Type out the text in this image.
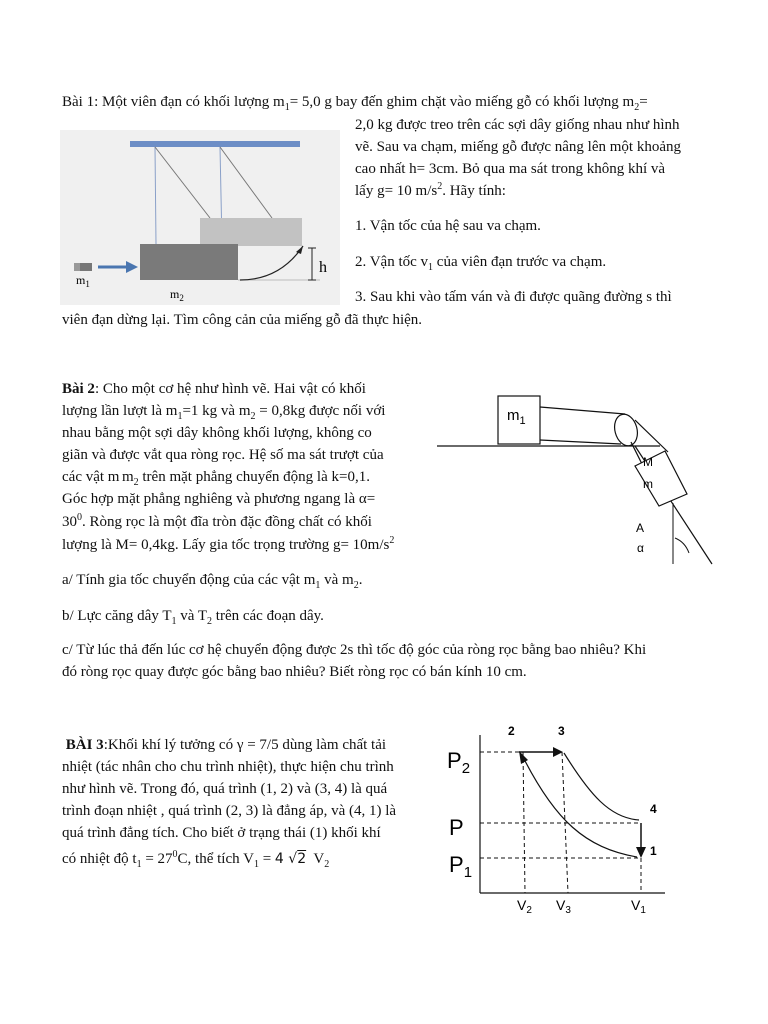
Bài 1: Một viên đạn có khối lượng $m_1= 5,0$ g bay đến ghim chặt vào miếng gỗ có khối lượng $m_2=$

2,0 kg được treo trên các sợi dây giống nhau như hình

vẽ. Sau va chạm, miếng gỗ được nâng lên một khoảng

cao nhất h= 3cm. Bỏ qua ma sát trong không khí và

lấy g= 10 $m/s^2$. Hãy tính:

1. Vận tốc của hệ sau va chạm.

2. Vận tốc $v_1$ của viên đạn trước va chạm.

3. Sau khi vào tấm ván và đi được quãng đường s thì

viên đạn dừng lại. Tìm công cản của miếng gỗ đã thực hiện.

h
$m_1$
$m_2$

Bài 2: Cho một cơ hệ như hình vẽ. Hai vật có khối

lượng lần lượt là $m_1=1$ kg và $m_2 = 0,8kg$ được nối với

nhau bằng một sợi dây không khối lượng, không co

giãn và được vắt qua ròng rọc. Hệ số ma sát trượt của

các vật m $m_2$ trên mặt phẳng chuyển động là k=0,1.

Góc hợp mặt phẳng nghiêng và phương ngang là α=

$30^0$. Ròng rọc là một đĩa tròn đặc đồng chất có khối

lượng là M= 0,4kg. Lấy gia tốc trọng trường $g= 10m/s^2$

a/ Tính gia tốc chuyển động của các vật $m_1$ và $m_2$.

b/ Lực căng dây $T_1$ và $T_2$ trên các đoạn dây.

c/ Từ lúc thả đến lúc cơ hệ chuyển động được 2s thì tốc độ góc của ròng rọc bằng bao nhiêu? Khi

đó ròng rọc quay được góc bằng bao nhiêu? Biết ròng rọc có bán kính 10 cm.

$m_1$
M
m
A
α

BÀI 3:Khối khí lý tưởng có γ = 7/5 dùng làm chất tải

nhiệt (tác nhân cho chu trình nhiệt), thực hiện chu trình

như hình vẽ. Trong đó, quá trình (1, 2) và (3, 4) là quá

trình đoạn nhiệt , quá trình (2, 3) là đẳng áp, và (4, 1) là

quá trình đẳng tích. Cho biết ở trạng thái (1) khối khí

có nhiệt độ $t_1 = 27^0C$, thể tích $V_1 = 4$ √2 $V_2$

$P_2$
P
$P_1$
$V_2$ $V_3$	$V_1$
2	3
4
1
